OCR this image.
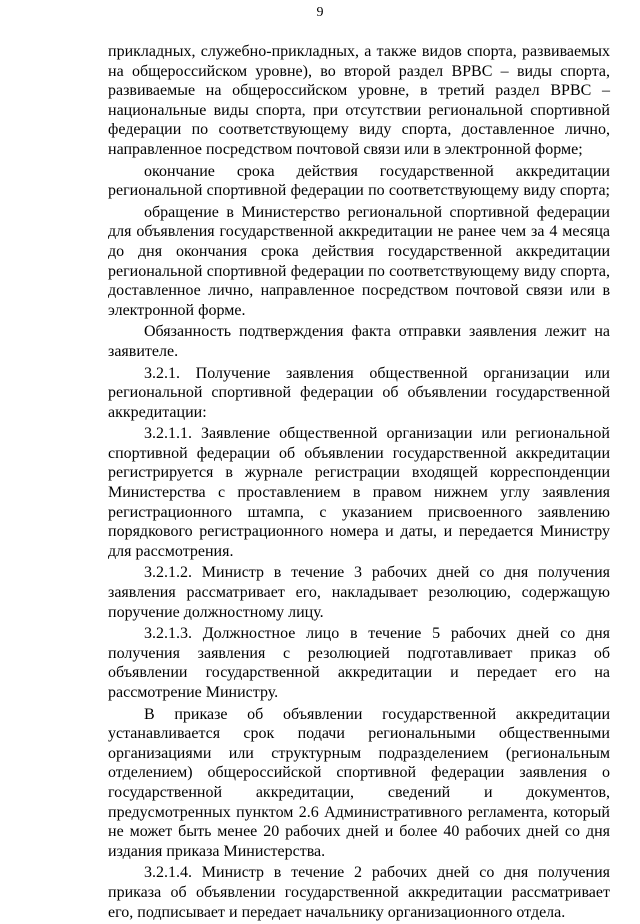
9

прикладных, служебно-прикладных, а также видов спорта, развиваемых на общероссийском уровне), во второй раздел ВРВС – виды спорта, развиваемые на общероссийском уровне, в третий раздел ВРВС – национальные виды спорта, при отсутствии региональной спортивной федерации по соответствующему виду спорта, доставленное лично, направленное посредством почтовой связи или в электронной форме;

окончание срока действия государственной аккредитации региональной спортивной федерации по соответствующему виду спорта;

обращение в Министерство региональной спортивной федерации для объявления государственной аккредитации не ранее чем за 4 месяца до дня окончания срока действия государственной аккредитации региональной спортивной федерации по соответствующему виду спорта, доставленное лично, направленное посредством почтовой связи или в электронной форме.

Обязанность подтверждения факта отправки заявления лежит на заявителе.

3.2.1. Получение заявления общественной организации или региональной спортивной федерации об объявлении государственной аккредитации:

3.2.1.1. Заявление общественной организации или региональной спортивной федерации об объявлении государственной аккредитации регистрируется в журнале регистрации входящей корреспонденции Министерства с проставлением в правом нижнем углу заявления регистрационного штампа, с указанием присвоенного заявлению порядкового регистрационного номера и даты, и передается Министру для рассмотрения.

3.2.1.2. Министр в течение 3 рабочих дней со дня получения заявления рассматривает его, накладывает резолюцию, содержащую поручение должностному лицу.

3.2.1.3. Должностное лицо в течение 5 рабочих дней со дня получения заявления с резолюцией подготавливает приказ об объявлении государственной аккредитации и передает его на рассмотрение Министру.

В приказе об объявлении государственной аккредитации устанавливается срок подачи региональными общественными организациями или структурным подразделением (региональным отделением) общероссийской спортивной федерации заявления о государственной аккредитации, сведений и документов, предусмотренных пунктом 2.6 Административного регламента, который не может быть менее 20 рабочих дней и более 40 рабочих дней со дня издания приказа Министерства.

3.2.1.4. Министр в течение 2 рабочих дней со дня получения приказа об объявлении государственной аккредитации рассматривает его, подписывает и передает начальнику организационного отдела.
